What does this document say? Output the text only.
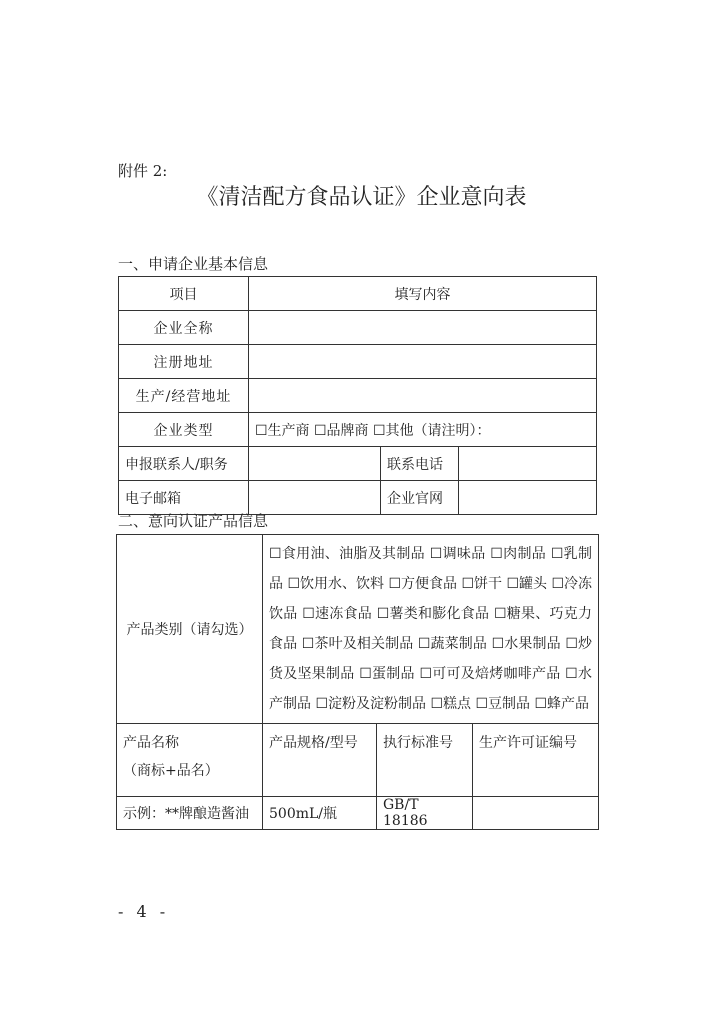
附件 2:
《清洁配方食品认证》企业意向表
一、申请企业基本信息
项目	填写内容		
企业全称			
注册地址			
生产/经营地址			
企业类型	☐生产商 ☐品牌商 ☐其他（请注明）：		
申报联系人/职务		联系电话	
电子邮箱		企业官网	
二、意向认证产品信息
产品类别（请勾选）	☐食用油、油脂及其制品 ☐调味品 ☐肉制品 ☐乳制品 ☐饮用水、饮料 ☐方便食品 ☐饼干 ☐罐头 ☐冷冻饮品 ☐速冻食品 ☐薯类和膨化食品 ☐糖果、巧克力食品 ☐茶叶及相关制品 ☐蔬菜制品 ☐水果制品 ☐炒货及坚果制品 ☐蛋制品 ☐可可及焙烤咖啡产品 ☐水产制品 ☐淀粉及淀粉制品 ☐糕点 ☐豆制品 ☐蜂产品		

产品名称
（商标+品名）	产品规格/型号	执行标准号	生产许可证编号
示例：**牌酿造酱油	500mL/瓶	GB/T 18186	
- 4 -
